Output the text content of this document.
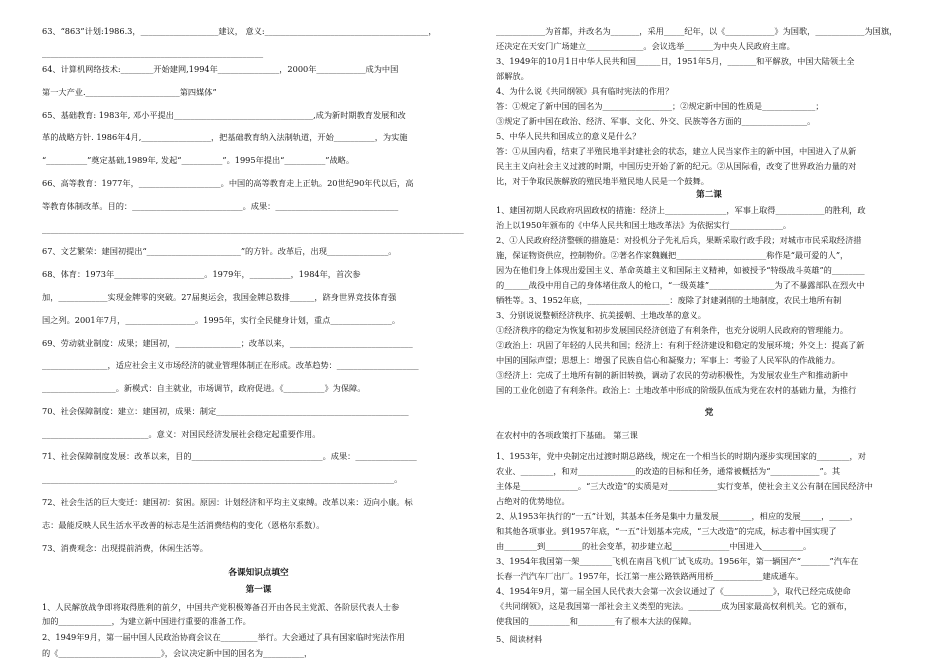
63、“863”计划:1986.3，___________________建议， 意义:________________________________________，
______________________________________________________
64、计算机网络技术:________开始建网,1994年_______________，2000年____________成为中国
第一大产业._______________________第四媒体”
65、基础教育: 1983年, 邓小平提出__________________________________,成为新时期教育发展和改
革的战略方针. 1986年4月,_________________，把基础教育纳入法制轨道，开始__________，为实施
“__________”奠定基础,1989年, 发起“__________”。1995年提出“__________”战略。
66、高等教育：1977年，____________________。中国的高等教育走上正轨。20世纪90年代以后，高
等教育体制改革。目的：___________________________。成果：______________________________
_______________________________________________________________________________________________________
67、文艺繁荣：建国初提出“_______________________”的方针。改革后，出现_______________。
68、体育：1973年______________________。1979年，__________，1984年，首次参
加，____________实现金牌零的突破。27届奥运会，我国金牌总数排______，跻身世界竞技体育强
国之列。2001年7月，_________________。1995年，实行全民健身计划，重点_______________。
69、劳动就业制度：成果；建国初，________________；改革以来，______________________________
________________，适应社会主义市场经济的就业管理体制正在形成。改革趋势：____________________
__________________。新模式：自主就业，市场调节，政府促进。《__________》为保障。
70、社会保障制度：建立：建国初，成果：制定_______________________________________________
__________________________。意义：对国民经济发展社会稳定起重要作用。
71、社会保障制度发展：改革以来，目的________________________________。成果：_______________
______________________________________________________________________________________。
72、社会生活的巨大变迁：建国初：贫困。原因：计划经济和平均主义束缚。改革以来：迈向小康。标
志：最能反映人民生活水平改善的标志是生活消费结构的变化（恩格尔系数）。
73、消费观念：出现提前消费，休闲生活等。
各课知识点填空
第一课
1、人民解放战争即将取得胜利的前夕，中国共产党积极筹备召开由各民主党派、各阶层代表人士参
加的_____________，为建立新中国进行重要的准备工作。
2、1949年9月，第一届中国人民政治协商会议在_________举行。大会通过了具有国家临时宪法作用
的《_________________________》，会议决定新中国的国名为__________，
____________为首都，并改名为_______，采用_____纪年，以《____________》为国歌，____________为国旗，
还决定在天安门广场建立______________。会议选举_______为中央人民政府主席。
3、1949年的10月1日中华人民共和国______日，1951年5月，_______和平解放，中国大陆领土全
部解放。
4、为什么说《共同纲领》具有临时宪法的作用？
答：①规定了新中国的国名为_________________；②规定新中国的性质是_____________；
③规定了新中国在政治、经济、军事、文化、外交、民族等各方面的________________。
5、中华人民共和国成立的意义是什么？
答：①从国内看，结束了半殖民地半封建社会的状态，建立人民当家作主的新中国，中国进入了从新
民主主义向社会主义过渡的时期，中国历史开始了新的纪元。②从国际看，改变了世界政治力量的对
比，对于争取民族解放的殖民地半殖民地人民是一个鼓舞。
第二课
1、建国初期人民政府巩固政权的措施：经济上_______________，军事上取得____________的胜利，政
治上以1950年颁布的《中华人民共和国土地改革法》为依据实行_____________。
2、①人民政府经济整顿的措施是：对投机分子先礼后兵，果断采取行政手段；对城市市民采取经济措
施，保证物资供应，控制物价。②著名作家魏巍把______________________称作是“最可爱的人”，
因为在他们身上体现出爱国主义、革命英雄主义和国际主义精神，如被授予“特级战斗英雄”的________
的______战役中用自己的身体堵住敌人的枪口，“一级英雄”________________为了不暴露部队在烈火中
牺牲等。3、1952年底，____________________：废除了封建剥削的土地制度，农民土地所有制
3、分别说说整顿经济秩序、抗美援朝、土地改革的意义。
①经济秩序的稳定为恢复和初步发展国民经济创造了有利条件，也充分说明人民政府的管理能力。
②政治上：巩固了年轻的人民共和国；经济上：有利于经济建设和稳定的发展环境；外交上：提高了新
中国的国际声望；思想上：增强了民族自信心和凝聚力；军事上：考验了人民军队的作战能力。
③经济上：完成了土地所有制的新旧转换，调动了农民的劳动积极性，为发展农业生产和推动新中
国的工业化创造了有利条件。政治上：土地改革中形成的阶级队伍成为党在农村的基础力量，为推行
党
在农村中的各项政策打下基础。 第三课
1、1953年，党中央制定出过渡时期总路线，规定在一个相当长的时期内逐步实现国家的________，对
农业、________，和对______________的改造的目标和任务，通常被概括为“____________”。其
主体是______________。“三大改造”的实质是对____________实行变革，使社会主义公有制在国民经济中
占绝对的优势地位。
2、从1953年执行的“一五”计划，其基本任务是集中力量发展________，相应的发展_____，_____，
和其他各项事业。到1957年底，“一五”计划基本完成，“三大改造”的完成，标志着中国实现了
由________到_________的社会变革，初步建立起______________中国进入__________。
3、1954年我国第一架________飞机在南昌飞机厂试飞成功。1956年，第一辆国产“_______”汽车在
长春一汽汽车厂出厂。1957年，长江第一座公路铁路两用桥____________建成通车。
4、1954年9月，第一届全国人民代表大会第一次会议通过了《____________》，取代已经完成使命
《共同纲领》，这是我国第一部社会主义类型的宪法。________成为国家最高权利机关。它的颁布，
使我国的__________和_________有了根本大法的保障。
5、阅读材料
